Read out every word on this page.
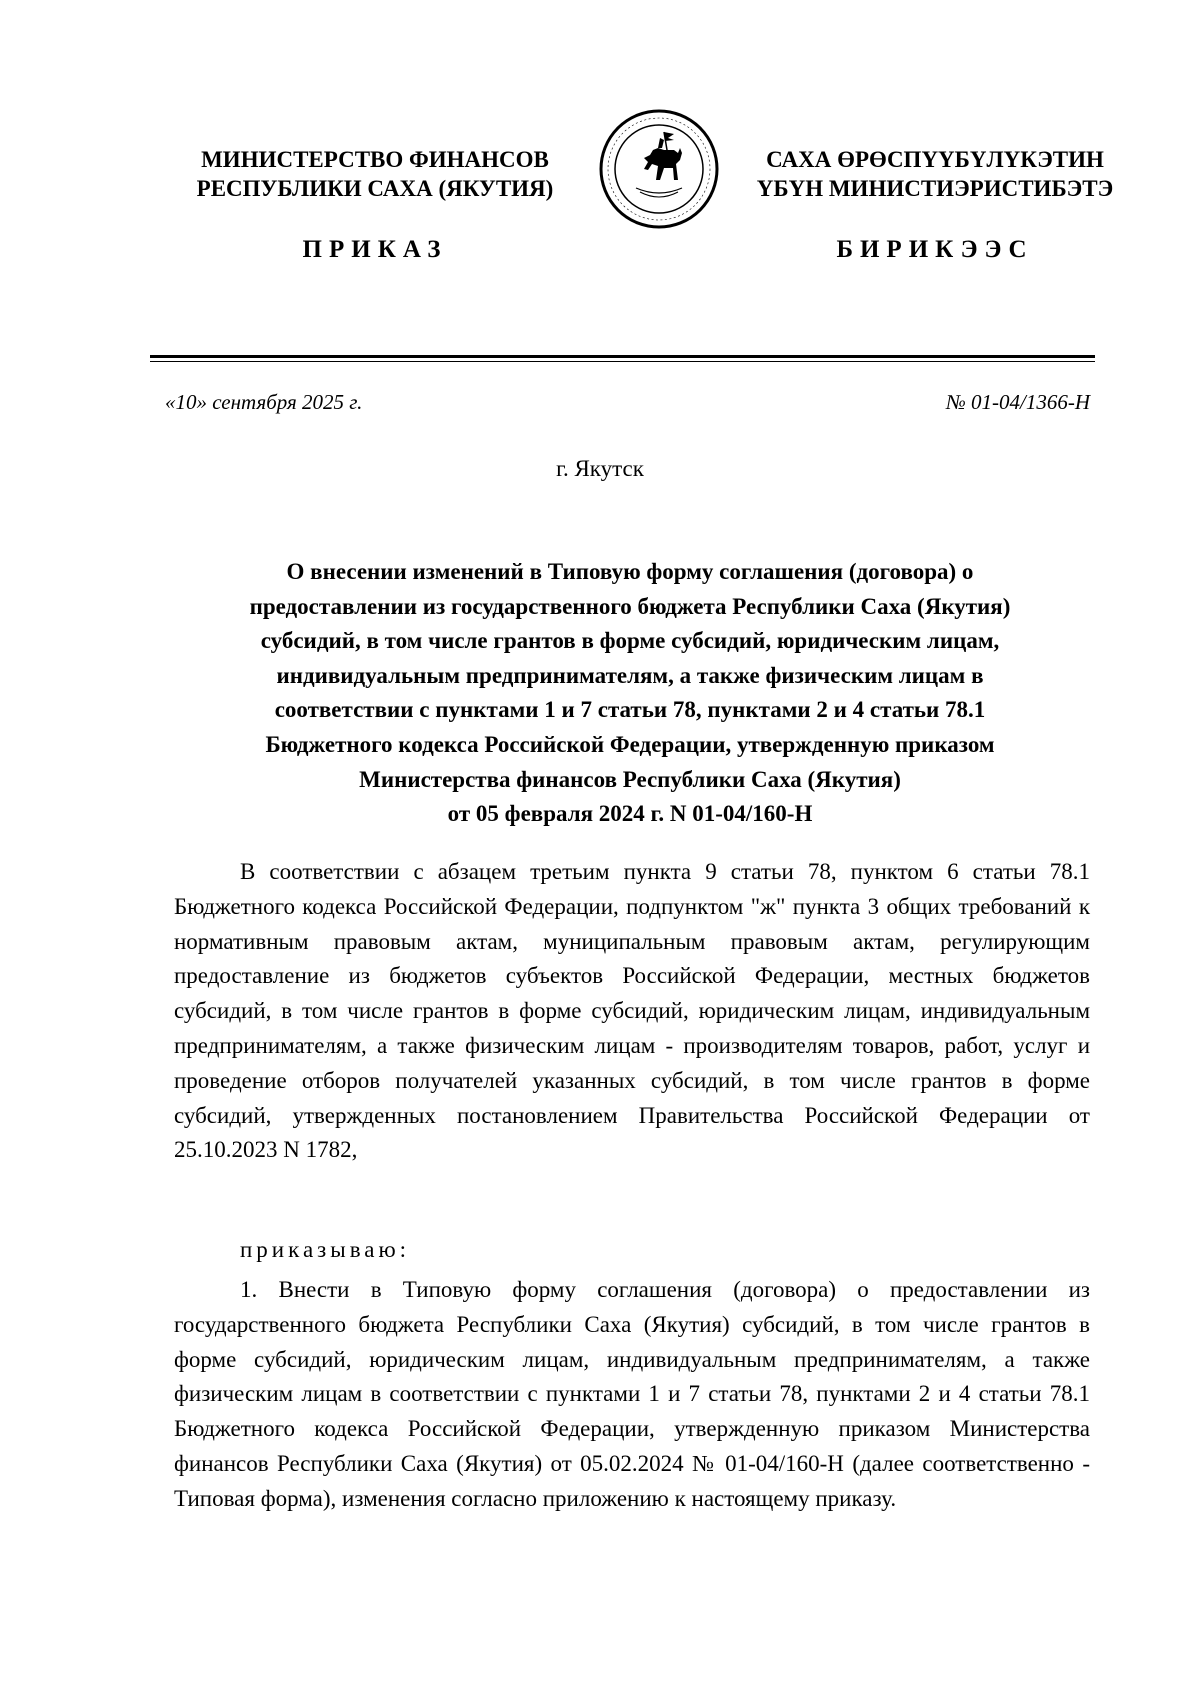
МИНИСТЕРСТВО ФИНАНСОВ
РЕСПУБЛИКИ САХА (ЯКУТИЯ)
САХА ӨРӨСПҮҮБҮЛҮКЭТИН
ҮБҮН МИНИСТИЭРИСТИБЭТЭ
ПРИКАЗ	БИРИКЭЭС
«10» сентября 2025 г.	№ 01-04/1366-Н
г. Якутск
О внесении изменений в Типовую форму соглашения (договора) о
предоставлении из государственного бюджета Республики Саха (Якутия)
субсидий, в том числе грантов в форме субсидий, юридическим лицам,
индивидуальным предпринимателям, а также физическим лицам в
соответствии с пунктами 1 и 7 статьи 78, пунктами 2 и 4 статьи 78.1
Бюджетного кодекса Российской Федерации, утвержденную приказом
Министерства финансов Республики Саха (Якутия)
от 05 февраля 2024 г. N 01-04/160-Н
В соответствии с абзацем третьим пункта 9 статьи 78, пунктом 6 статьи 78.1 Бюджетного кодекса Российской Федерации, подпунктом "ж" пункта 3 общих требований к нормативным правовым актам, муниципальным правовым актам, регулирующим предоставление из бюджетов субъектов Российской Федерации, местных бюджетов субсидий, в том числе грантов в форме субсидий, юридическим лицам, индивидуальным предпринимателям, а также физическим лицам - производителям товаров, работ, услуг и проведение отборов получателей указанных субсидий, в том числе грантов в форме субсидий, утвержденных постановлением Правительства Российской Федерации от 25.10.2023 N 1782,
приказываю:
1. Внести в Типовую форму соглашения (договора) о предоставлении из государственного бюджета Республики Саха (Якутия) субсидий, в том числе грантов в форме субсидий, юридическим лицам, индивидуальным предпринимателям, а также физическим лицам в соответствии с пунктами 1 и 7 статьи 78, пунктами 2 и 4 статьи 78.1 Бюджетного кодекса Российской Федерации, утвержденную приказом Министерства финансов Республики Саха (Якутия) от 05.02.2024 № 01-04/160-Н (далее соответственно - Типовая форма), изменения согласно приложению к настоящему приказу.
